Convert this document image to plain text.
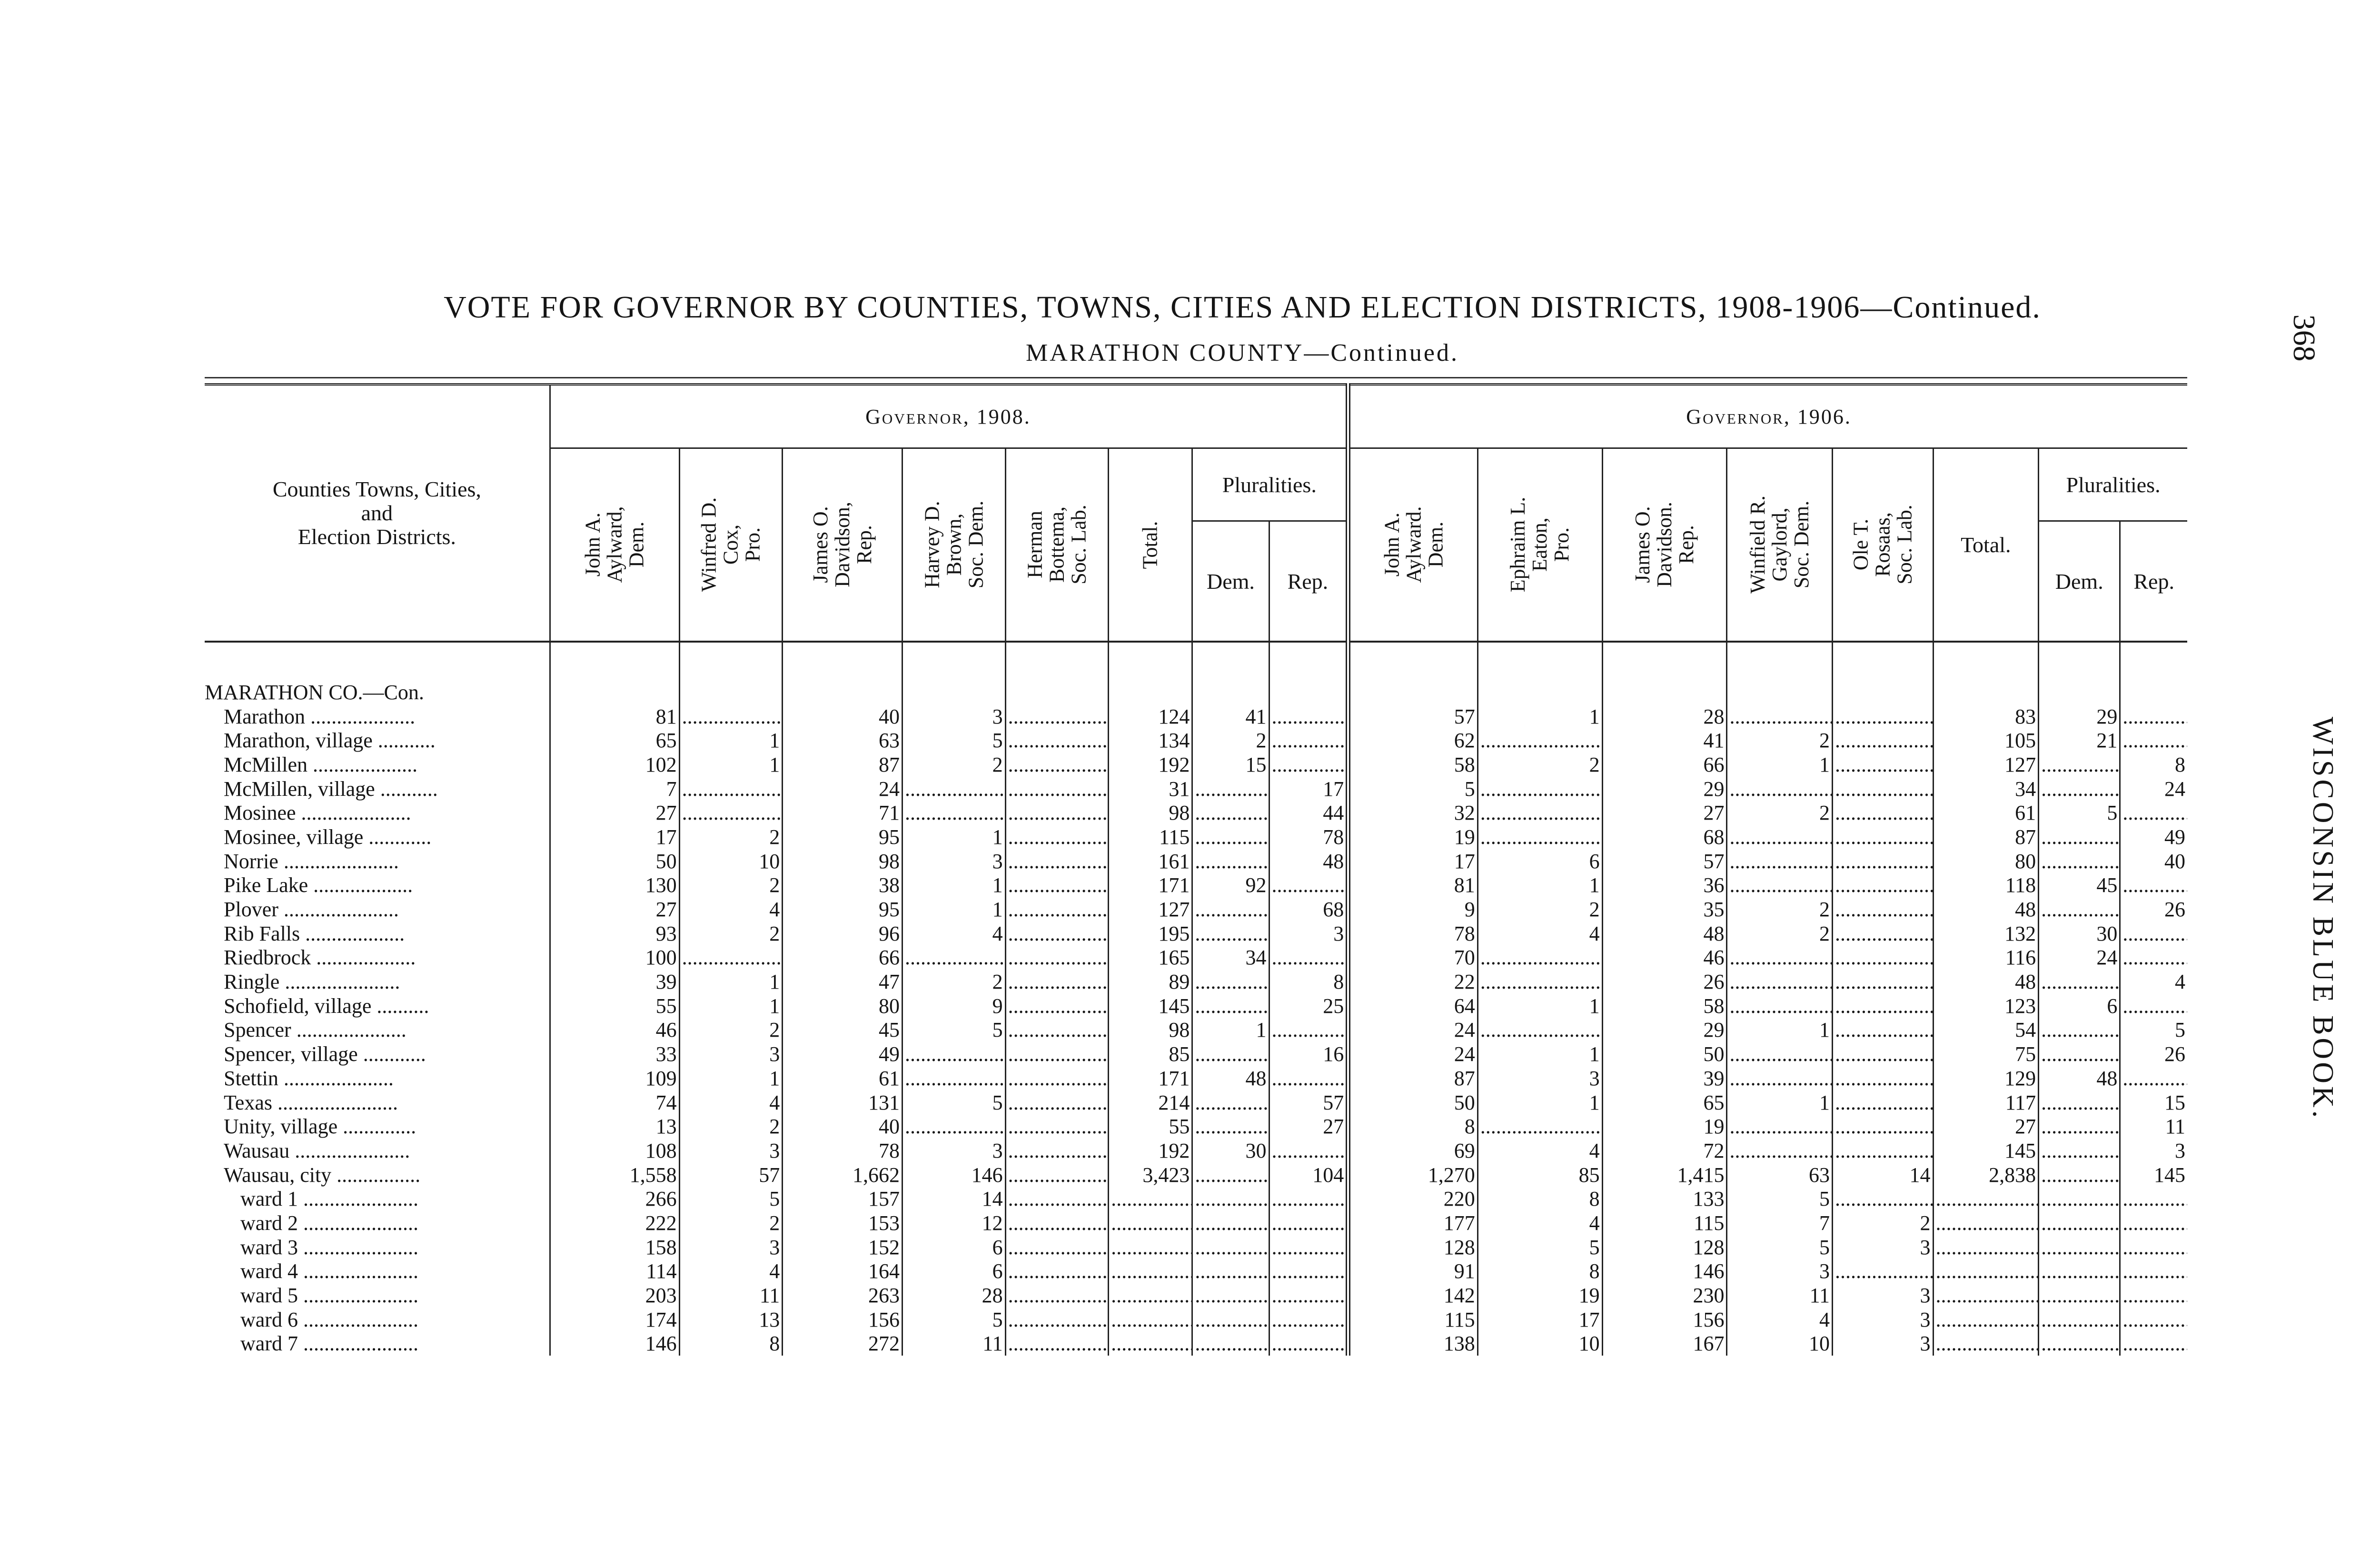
VOTE FOR GOVERNOR BY COUNTIES, TOWNS, CITIES AND ELECTION DISTRICTS, 1908-1906—Continued.
MARATHON COUNTY—Continued.	368
WISCONSIN BLUE BOOK.
Counties Towns, Cities,
and
Election Districts.	Governor, 1908.								Governor, 1906.							
	John A.
Aylward,
Dem.	Winfred D.
Cox,
Pro.	James O.
Davidson,
Rep.	Harvey D.
Brown,
Soc. Dem.	Herman
Bottema,
Soc. Lab.	Total.	Pluralities.		John A.
Aylward.
Dem.	Ephraim L.
Eaton,
Pro.	James O.
Davidson.
Rep.	Winfield R.
Gaylord,
Soc. Dem.	Ole T.
Rosaas,
Soc. Lab.	Total.	Pluralities.	
							Dem.	Rep.							Dem.	Rep.

MARATHON CO.—Con.																
Marathon ....................	81	.....	40	3	.....	124	41	.....	57	1	28	.....	.....	83	29	.....
Marathon, village ...........	65	1	63	5	.....	134	2	.....	62	.....	41	2	.....	105	21	.....
McMillen ....................	102	1	87	2	.....	192	15	.....	58	2	66	1	.....	127	.....	8
McMillen, village ...........	7	.....	24	.....	.....	31	.....	17	5	.....	29	.....	.....	34	.....	24
Mosinee .....................	27	.....	71	.....	.....	98	.....	44	32	.....	27	2	.....	61	5	.....
Mosinee, village ............	17	2	95	1	.....	115	.....	78	19	.....	68	.....	.....	87	.....	49
Norrie ......................	50	10	98	3	.....	161	.....	48	17	6	57	.....	.....	80	.....	40
Pike Lake ...................	130	2	38	1	.....	171	92	.....	81	1	36	.....	.....	118	45	.....
Plover ......................	27	4	95	1	.....	127	.....	68	9	2	35	2	.....	48	.....	26
Rib Falls ...................	93	2	96	4	.....	195	.....	3	78	4	48	2	.....	132	30	.....
Riedbrock ...................	100	.....	66	.....	.....	165	34	.....	70	.....	46	.....	.....	116	24	.....
Ringle ......................	39	1	47	2	.....	89	.....	8	22	.....	26	.....	.....	48	.....	4
Schofield, village ..........	55	1	80	9	.....	145	.....	25	64	1	58	.....	.....	123	6	.....
Spencer .....................	46	2	45	5	.....	98	1	.....	24	.....	29	1	.....	54	.....	5
Spencer, village ............	33	3	49	.....	.....	85	.....	16	24	1	50	.....	.....	75	.....	26
Stettin .....................	109	1	61	.....	.....	171	48	.....	87	3	39	.....	.....	129	48	.....
Texas .......................	74	4	131	5	.....	214	.....	57	50	1	65	1	.....	117	.....	15
Unity, village ..............	13	2	40	.....	.....	55	.....	27	8	.....	19	.....	.....	27	.....	11
Wausau ......................	108	3	78	3	.....	192	30	.....	69	4	72	.....	.....	145	.....	3
Wausau, city ................	1,558	57	1,662	146	.....	3,423	.....	104	1,270	85	1,415	63	14	2,838	.....	145
ward 1 ......................	266	5	157	14	.....	.....	.....	.....	220	8	133	5	.....	.....	.....	.....
ward 2 ......................	222	2	153	12	.....	.....	.....	.....	177	4	115	7	2	.....	.....	.....
ward 3 ......................	158	3	152	6	.....	.....	.....	.....	128	5	128	5	3	.....	.....	.....
ward 4 ......................	114	4	164	6	.....	.....	.....	.....	91	8	146	3	.....	.....	.....	.....
ward 5 ......................	203	11	263	28	.....	.....	.....	.....	142	19	230	11	3	.....	.....	.....
ward 6 ......................	174	13	156	5	.....	.....	.....	.....	115	17	156	4	3	.....	.....	.....
ward 7 ......................	146	8	272	11	.....	.....	.....	.....	138	10	167	10	3	.....	.....	.....
